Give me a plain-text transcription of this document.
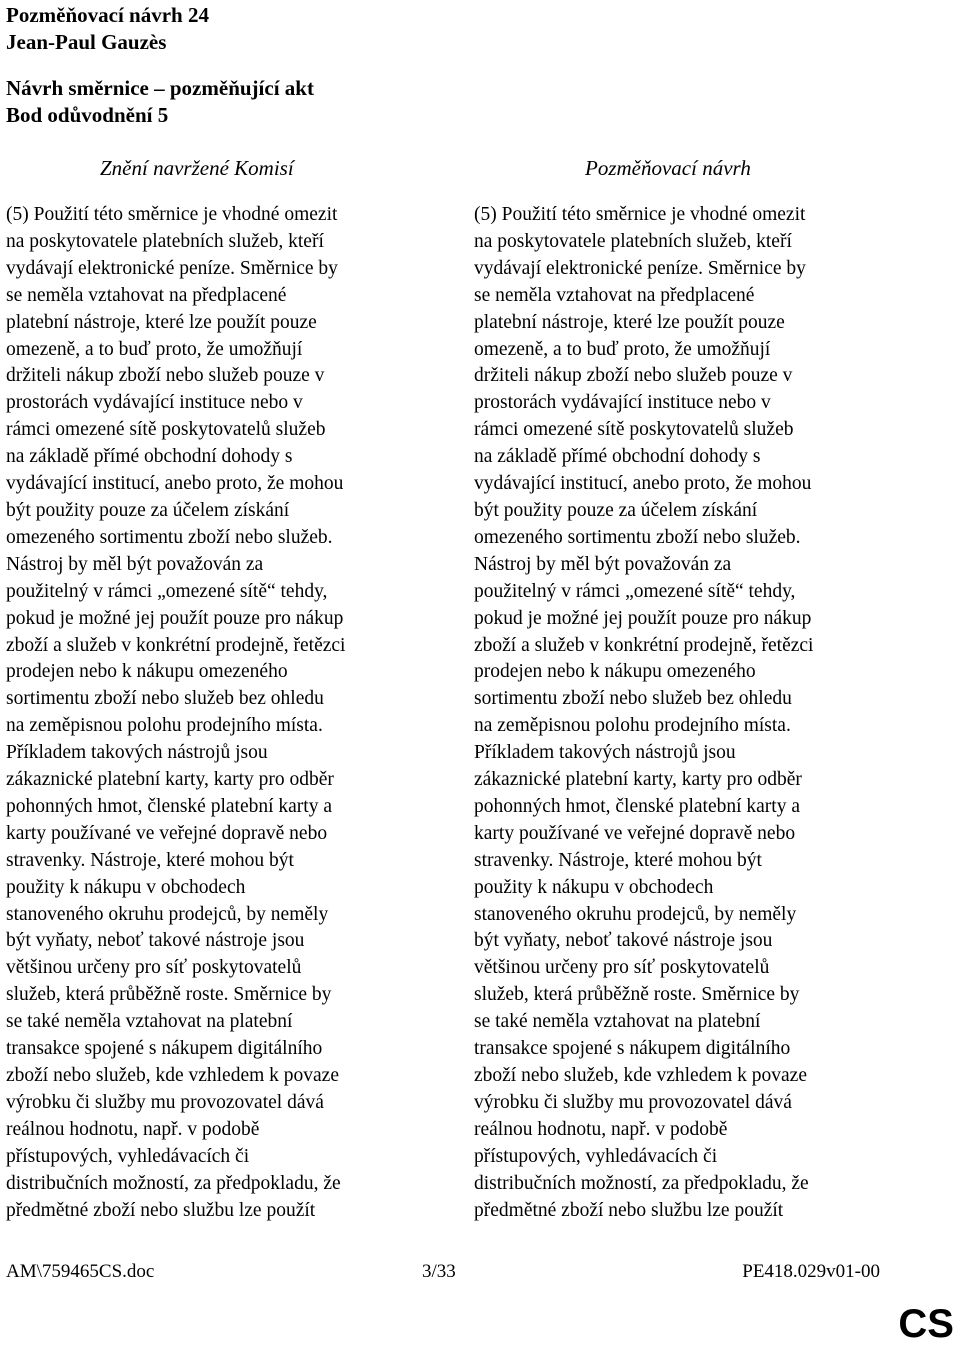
Pozměňovací návrh 24
Jean-Paul Gauzès
Návrh směrnice – pozměňující akt
Bod odůvodnění 5
Znění navržené Komisí	Pozměňovací návrh

(5) Použití této směrnice je vhodné omezit
na poskytovatele platebních služeb, kteří
vydávají elektronické peníze. Směrnice by
se neměla vztahovat na předplacené
platební nástroje, které lze použít pouze
omezeně, a to buď proto, že umožňují
držiteli nákup zboží nebo služeb pouze v
prostorách vydávající instituce nebo v
rámci omezené sítě poskytovatelů služeb
na základě přímé obchodní dohody s
vydávající institucí, anebo proto, že mohou
být použity pouze za účelem získání
omezeného sortimentu zboží nebo služeb.
Nástroj by měl být považován za
použitelný v rámci „omezené sítě“ tehdy,
pokud je možné jej použít pouze pro nákup
zboží a služeb v konkrétní prodejně, řetězci
prodejen nebo k nákupu omezeného
sortimentu zboží nebo služeb bez ohledu
na zeměpisnou polohu prodejního místa.
Příkladem takových nástrojů jsou
zákaznické platební karty, karty pro odběr
pohonných hmot, členské platební karty a
karty používané ve veřejné dopravě nebo
stravenky. Nástroje, které mohou být
použity k nákupu v obchodech
stanoveného okruhu prodejců, by neměly
být vyňaty, neboť takové nástroje jsou
většinou určeny pro síť poskytovatelů
služeb, která průběžně roste. Směrnice by
se také neměla vztahovat na platební
transakce spojené s nákupem digitálního
zboží nebo služeb, kde vzhledem k povaze
výrobku či služby mu provozovatel dává
reálnou hodnotu, např. v podobě
přístupových, vyhledávacích či
distribučních možností, za předpokladu, že
předmětné zboží nebo službu lze použít

(5) Použití této směrnice je vhodné omezit
na poskytovatele platebních služeb, kteří
vydávají elektronické peníze. Směrnice by
se neměla vztahovat na předplacené
platební nástroje, které lze použít pouze
omezeně, a to buď proto, že umožňují
držiteli nákup zboží nebo služeb pouze v
prostorách vydávající instituce nebo v
rámci omezené sítě poskytovatelů služeb
na základě přímé obchodní dohody s
vydávající institucí, anebo proto, že mohou
být použity pouze za účelem získání
omezeného sortimentu zboží nebo služeb.
Nástroj by měl být považován za
použitelný v rámci „omezené sítě“ tehdy,
pokud je možné jej použít pouze pro nákup
zboží a služeb v konkrétní prodejně, řetězci
prodejen nebo k nákupu omezeného
sortimentu zboží nebo služeb bez ohledu
na zeměpisnou polohu prodejního místa.
Příkladem takových nástrojů jsou
zákaznické platební karty, karty pro odběr
pohonných hmot, členské platební karty a
karty používané ve veřejné dopravě nebo
stravenky. Nástroje, které mohou být
použity k nákupu v obchodech
stanoveného okruhu prodejců, by neměly
být vyňaty, neboť takové nástroje jsou
většinou určeny pro síť poskytovatelů
služeb, která průběžně roste. Směrnice by
se také neměla vztahovat na platební
transakce spojené s nákupem digitálního
zboží nebo služeb, kde vzhledem k povaze
výrobku či služby mu provozovatel dává
reálnou hodnotu, např. v podobě
přístupových, vyhledávacích či
distribučních možností, za předpokladu, že
předmětné zboží nebo službu lze použít

AM\759465CS.doc	3/33	PE418.029v01-00
CS
